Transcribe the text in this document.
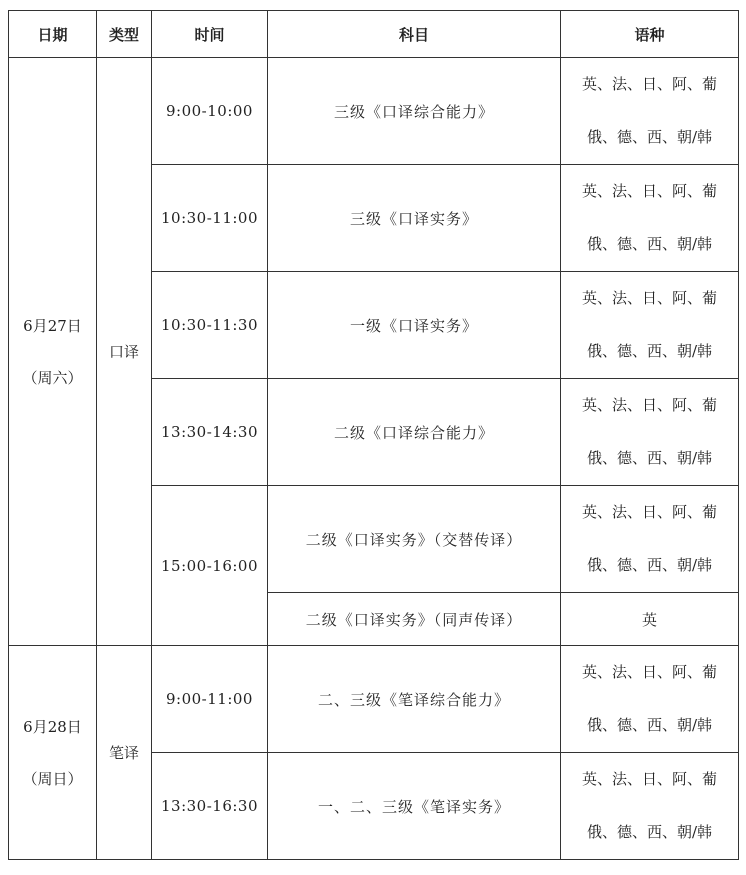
日期	类型	时间	科目	语种

6月27日
（周六）	口译	9:00-10:00	三级《口译综合能力》	英、法、日、阿、葡
俄、德、西、朝/韩

		10:30-11:00	三级《口译实务》	英、法、日、阿、葡
俄、德、西、朝/韩

		10:30-11:30	一级《口译实务》	英、法、日、阿、葡
俄、德、西、朝/韩

		13:30-14:30	二级《口译综合能力》	英、法、日、阿、葡
俄、德、西、朝/韩

		15:00-16:00	二级《口译实务》（交替传译）	英、法、日、阿、葡
俄、德、西、朝/韩

			二级《口译实务》（同声传译）	英

6月28日
（周日）	笔译	9:00-11:00	二、三级《笔译综合能力》	英、法、日、阿、葡
俄、德、西、朝/韩

		13:30-16:30	一、二、三级《笔译实务》	英、法、日、阿、葡
俄、德、西、朝/韩
